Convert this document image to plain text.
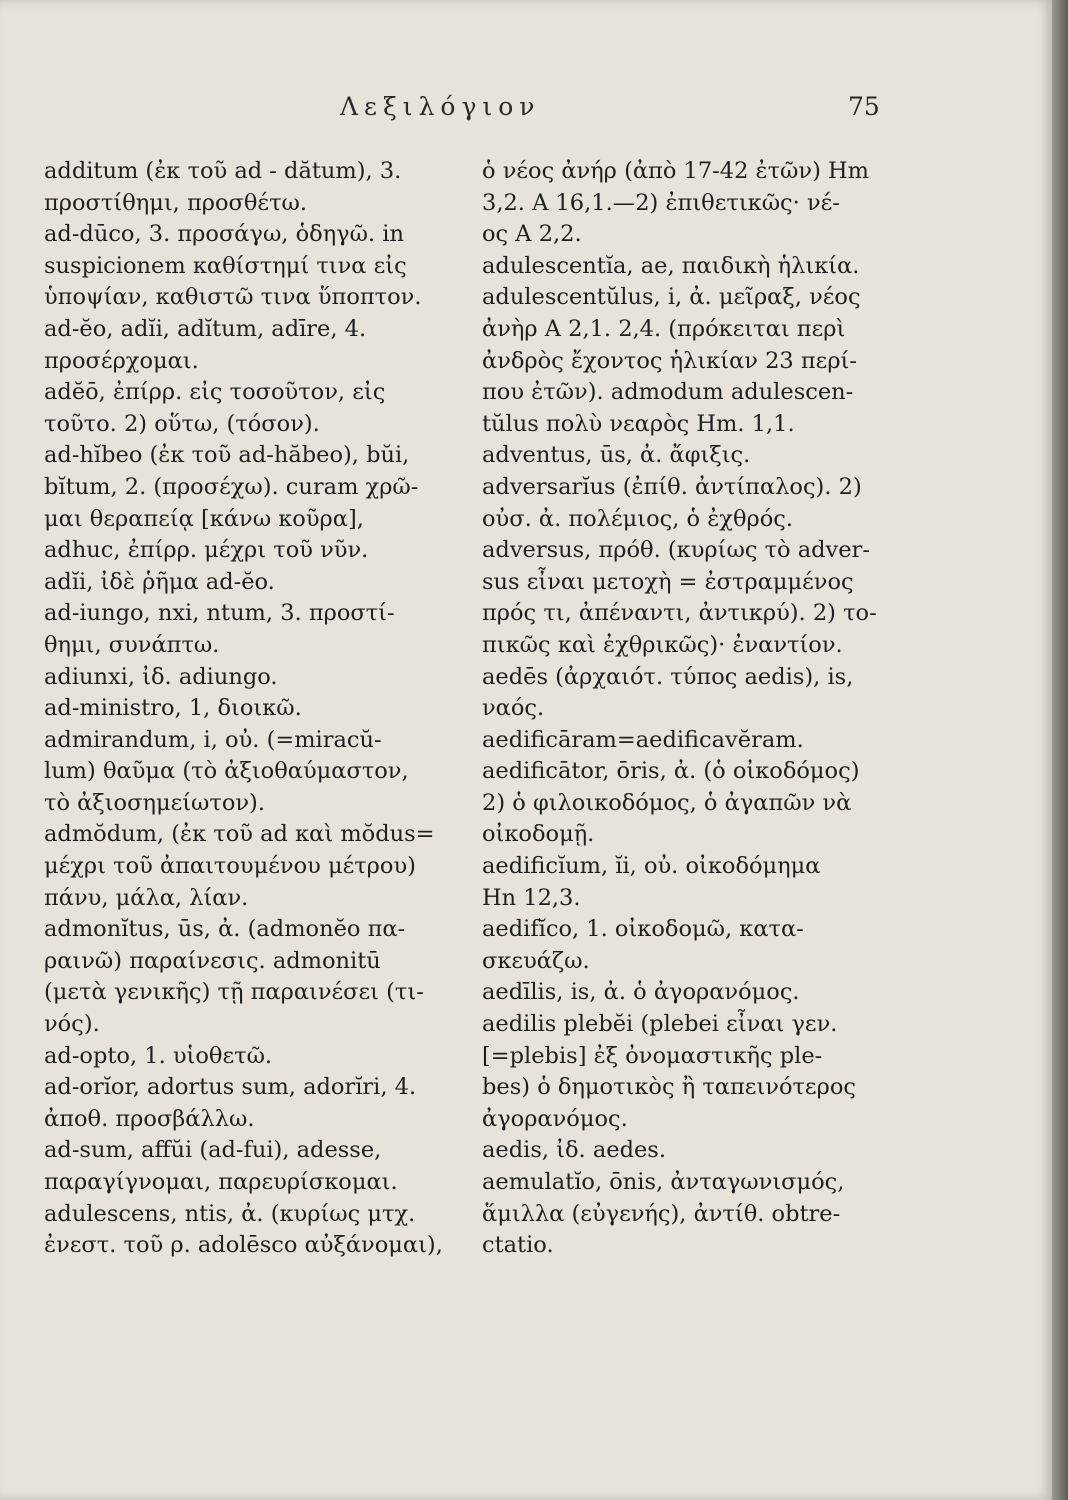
Λεξιλόγιον	75
additum (ἐκ τοῦ ad - dătum), 3.
προστίθημι, προσθέτω.
ad-dūco, 3. προσάγω, ὁδηγῶ. in
suspicionem καθίστημί τινα εἰς
ὑποψίαν, καθιστῶ τινα ὕποπτον.
ad-ĕo, adĭi, adĭtum, adīre, 4.
προσέρχομαι.
adĕō, ἐπίρρ. εἰς τοσοῦτον, εἰς
τοῦτο. 2) οὕτω, (τόσον).
ad-hĭbeo (ἐκ τοῦ ad-hăbeo), bŭi,
bĭtum, 2. (προσέχω). curam χρῶ-
μαι θεραπείᾳ [κάνω κοῦρα],
adhuc, ἐπίρρ. μέχρι τοῦ νῦν.
adĭi, ἰδὲ ῥῆμα ad-ĕo.
ad-iungo, nxi, ntum, 3. προστί-
θημι, συνάπτω.
adiunxi, ἰδ. adiungo.
ad-ministro, 1, διοικῶ.
admirandum, i, οὐ. (=miracŭ-
lum) θαῦμα (τὸ ἀξιοθαύμαστον,
τὸ ἀξιοσημείωτον).
admŏdum, (ἐκ τοῦ ad καὶ mŏdus=
μέχρι τοῦ ἀπαιτουμένου μέτρου)
πάνυ, μάλα, λίαν.
admonĭtus, ūs, ἀ. (admonĕo πα-
ραινῶ) παραίνεσις. admonitū
(μετὰ γενικῆς) τῇ παραινέσει (τι-
νός).
ad-opto, 1. υἱοθετῶ.
ad-orĭor, adortus sum, adorĭri, 4.
ἀποθ. προσβάλλω.
ad-sum, affŭi (ad-fui), adesse,
παραγίγνομαι, παρευρίσκομαι.
adulescens, ntis, ἀ. (κυρίως μτχ.
ἐνεστ. τοῦ ρ. adolēsco αὐξάνομαι),
ὁ νέος ἀνήρ (ἀπὸ 17-42 ἐτῶν) Hm
3,2. A 16,1.—2) ἐπιθετικῶς· νέ-
ος A 2,2.
adulescentĭa, ae, παιδικὴ ἡλικία.
adulescentŭlus, i, ἀ. μεῖραξ, νέος
ἀνὴρ A 2,1. 2,4. (πρόκειται περὶ
ἀνδρὸς ἔχοντος ἡλικίαν 23 περί-
που ἐτῶν). admodum adulescen-
tŭlus πολὺ νεαρὸς Hm. 1,1.
adventus, ūs, ἀ. ἄφιξις.
adversarĭus (ἐπίθ. ἀντίπαλος). 2)
οὐσ. ἀ. πολέμιος, ὁ ἐχθρός.
adversus, πρόθ. (κυρίως τὸ adver-
sus εἶναι μετοχὴ = ἐστραμμένος
πρός τι, ἀπέναντι, ἀντικρύ). 2) το-
πικῶς καὶ ἐχθρικῶς)· ἐναντίον.
aedēs (ἀρχαιότ. τύπος aedis), is,
ναός.
aedificāram=aedificavĕram.
aedificātor, ōris, ἀ. (ὁ οἰκοδόμος)
2) ὁ φιλοικοδόμος, ὁ ἀγαπῶν νὰ
οἰκοδομῇ.
aedificĭum, ĭi, οὐ. οἰκοδόμημα
Hn 12,3.
aedifĭco, 1. οἰκοδομῶ, κατα-
σκευάζω.
aedīlis, is, ἀ. ὁ ἀγορανόμος.
aedilis plebĕi (plebei εἶναι γεν.
[=plebis] ἐξ ὀνομαστικῆς ple-
bes) ὁ δημοτικὸς ἢ ταπεινότερος
ἀγορανόμος.
aedis, ἰδ. aedes.
aemulatĭo, ōnis, ἀνταγωνισμός,
ἅμιλλα (εὐγενής), ἀντίθ. obtre-
ctatio.
